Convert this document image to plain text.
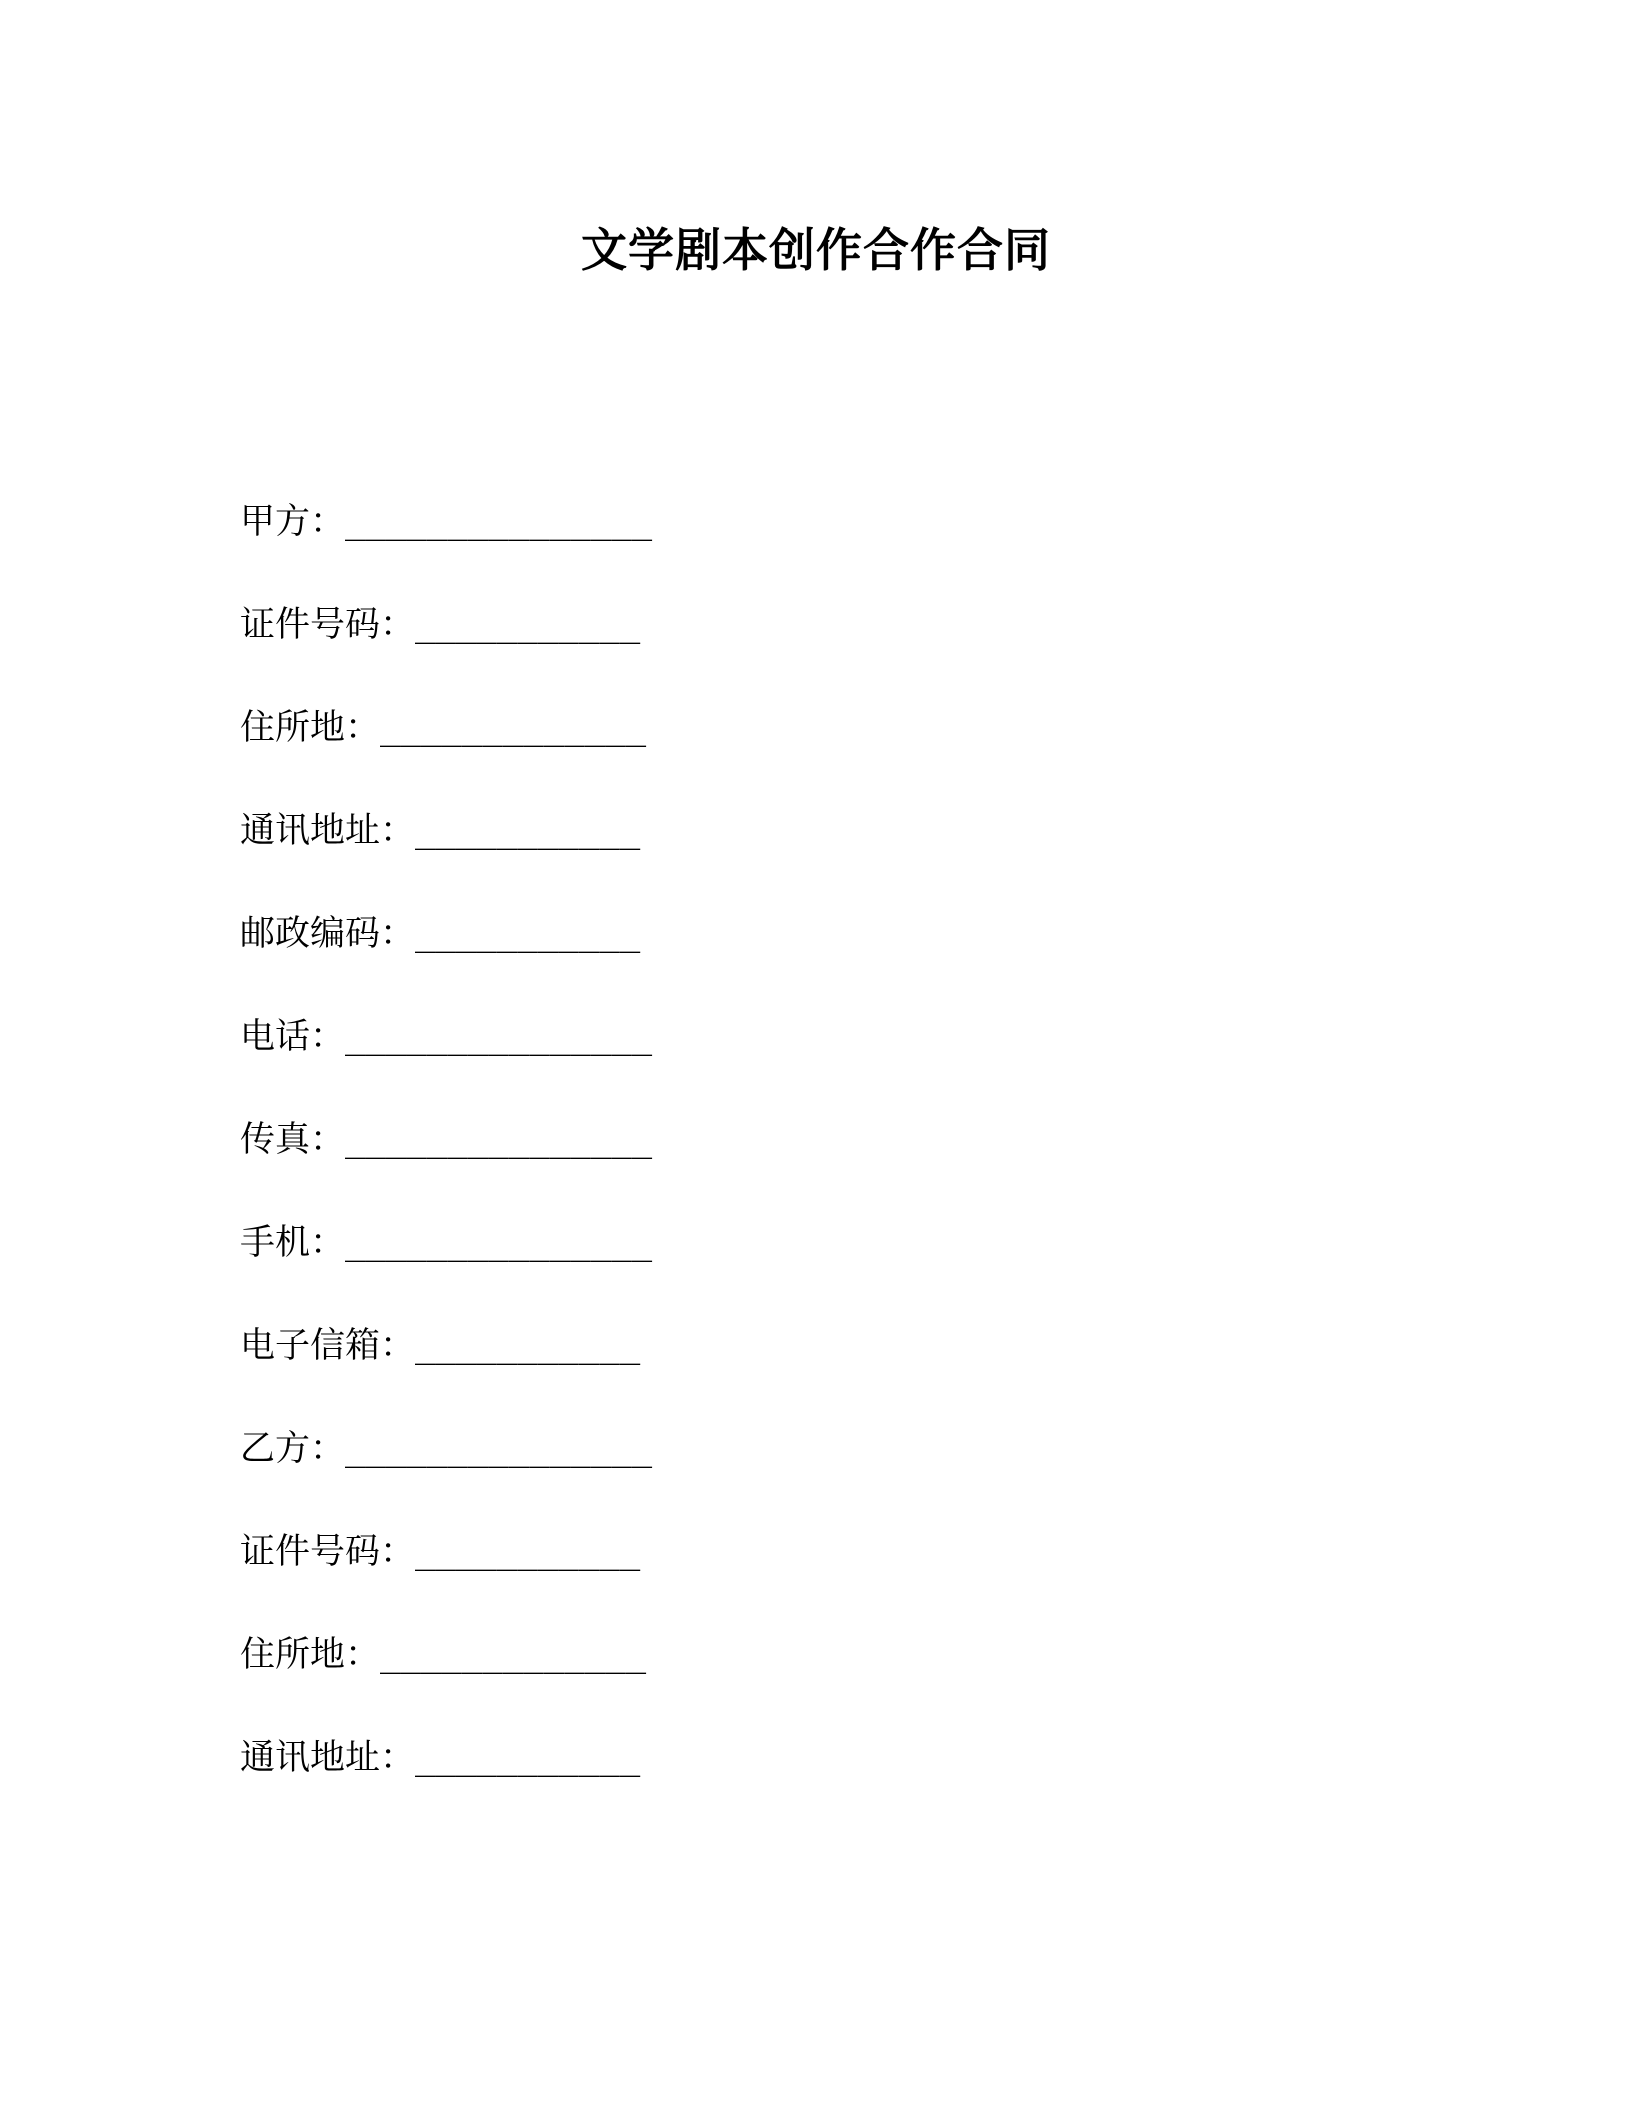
文学剧本创作合作合同
甲方：_______________
证件号码：___________
住所地：_____________
通讯地址：___________
邮政编码：___________
电话：_______________
传真：_______________
手机：_______________
电子信箱：___________
乙方：_______________
证件号码：___________
住所地：_____________
通讯地址：___________
